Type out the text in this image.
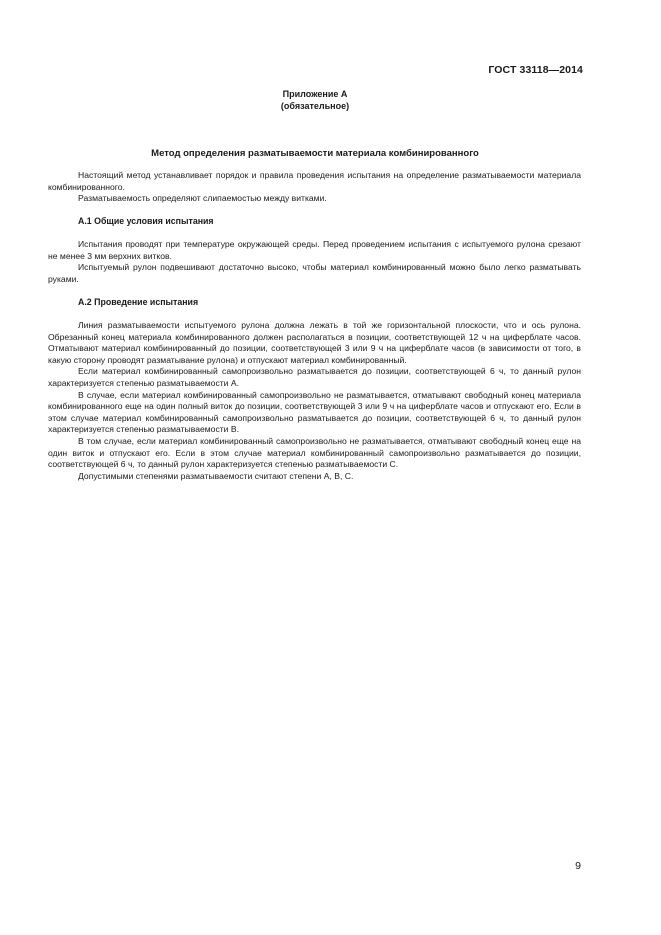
ГОСТ 33118—2014
Приложение А
(обязательное)
Метод определения разматываемости материала комбинированного

Настоящий метод устанавливает порядок и правила проведения испытания на определение разматываемости материала комбинированного.

Разматываемость определяют слипаемостью между витками.

А.1 Общие условия испытания

Испытания проводят при температуре окружающей среды. Перед проведением испытания с испытуемого рулона срезают не менее 3 мм верхних витков.

Испытуемый рулон подвешивают достаточно высоко, чтобы материал комбинированный можно было легко разматывать руками.

А.2 Проведение испытания

Линия разматываемости испытуемого рулона должна лежать в той же горизонтальной плоскости, что и ось рулона. Обрезанный конец материала комбинированного должен располагаться в позиции, соответствующей 12 ч на циферблате часов. Отматывают материал комбинированный до позиции, соответствующей 3 или 9 ч на циферблате часов (в зависимости от того, в какую сторону проводят разматывание рулона) и отпускают материал комбинированный.

Если материал комбинированный самопроизвольно разматывается до позиции, соответствующей 6 ч, то данный рулон характеризуется степенью разматываемости А.

В случае, если материал комбинированный самопроизвольно не разматывается, отматывают свободный конец материала комбинированного еще на один полный виток до позиции, соответствующей 3 или 9 ч на циферблате часов и отпускают его. Если в этом случае материал комбинированный самопроизвольно разматывается до позиции, соответствующей 6 ч, то данный рулон характеризуется степенью разматываемости В.

В том случае, если материал комбинированный самопроизвольно не разматывается, отматывают свободный конец еще на один виток и отпускают его. Если в этом случае материал комбинированный самопроизвольно разматывается до позиции, соответствующей 6 ч, то данный рулон характеризуется степенью разматываемости С.

Допустимыми степенями разматываемости считают степени А, В, С.

9
